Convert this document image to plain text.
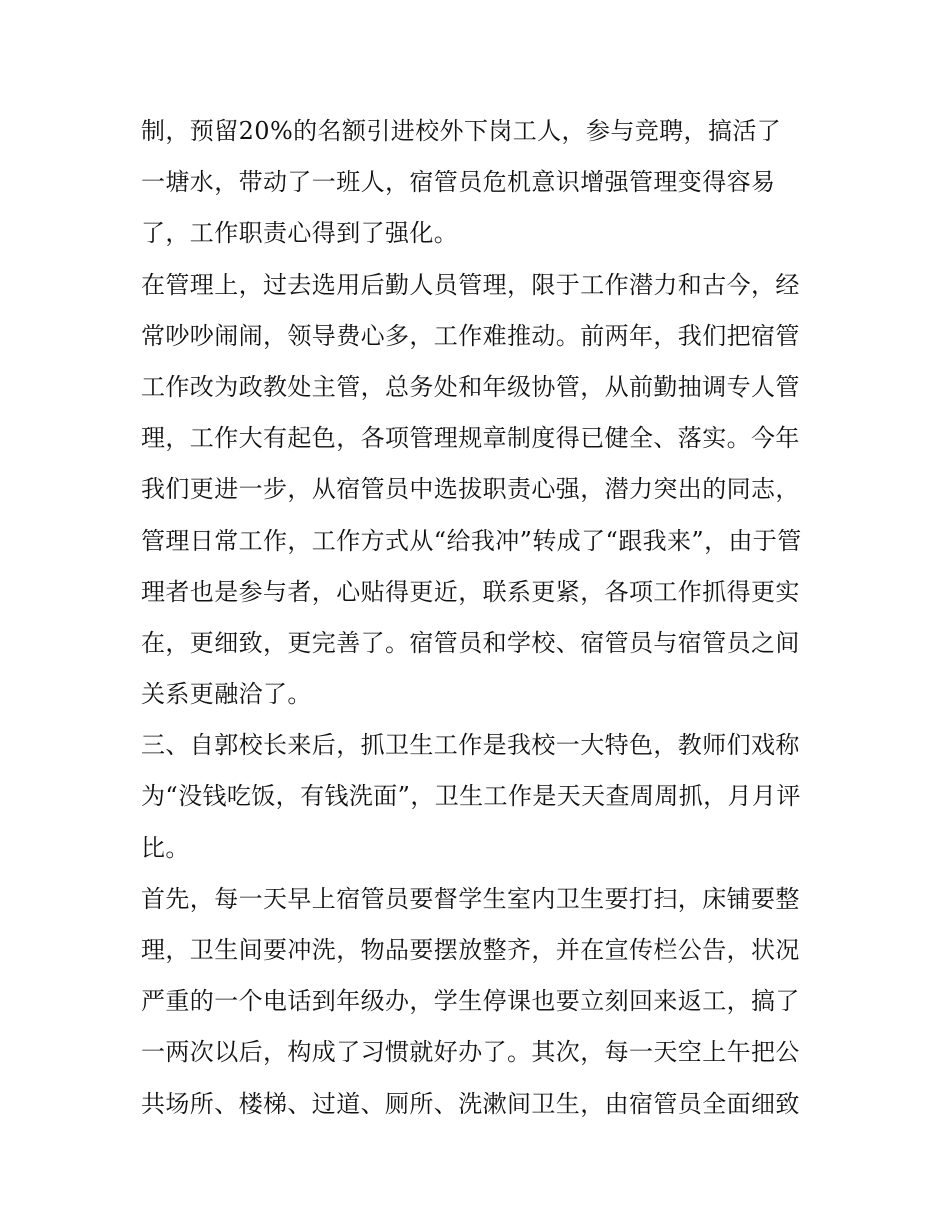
制，预留20%的名额引进校外下岗工人，参与竞聘，搞活了
一塘水，带动了一班人，宿管员危机意识增强管理变得容易
了，工作职责心得到了强化。
在管理上，过去选用后勤人员管理，限于工作潜力和古今，经
常吵吵闹闹，领导费心多，工作难推动。前两年，我们把宿管
工作改为政教处主管，总务处和年级协管，从前勤抽调专人管
理，工作大有起色，各项管理规章制度得已健全、落实。今年
我们更进一步，从宿管员中选拔职责心强，潜力突出的同志，
管理日常工作，工作方式从“给我冲”转成了“跟我来”，由于管
理者也是参与者，心贴得更近，联系更紧，各项工作抓得更实
在，更细致，更完善了。宿管员和学校、宿管员与宿管员之间
关系更融洽了。
三、自郭校长来后，抓卫生工作是我校一大特色，教师们戏称
为“没钱吃饭，有钱洗面”，卫生工作是天天查周周抓，月月评
比。
首先，每一天早上宿管员要督学生室内卫生要打扫，床铺要整
理，卫生间要冲洗，物品要摆放整齐，并在宣传栏公告，状况
严重的一个电话到年级办，学生停课也要立刻回来返工，搞了
一两次以后，构成了习惯就好办了。其次，每一天空上午把公
共场所、楼梯、过道、厕所、洗漱间卫生，由宿管员全面细致
